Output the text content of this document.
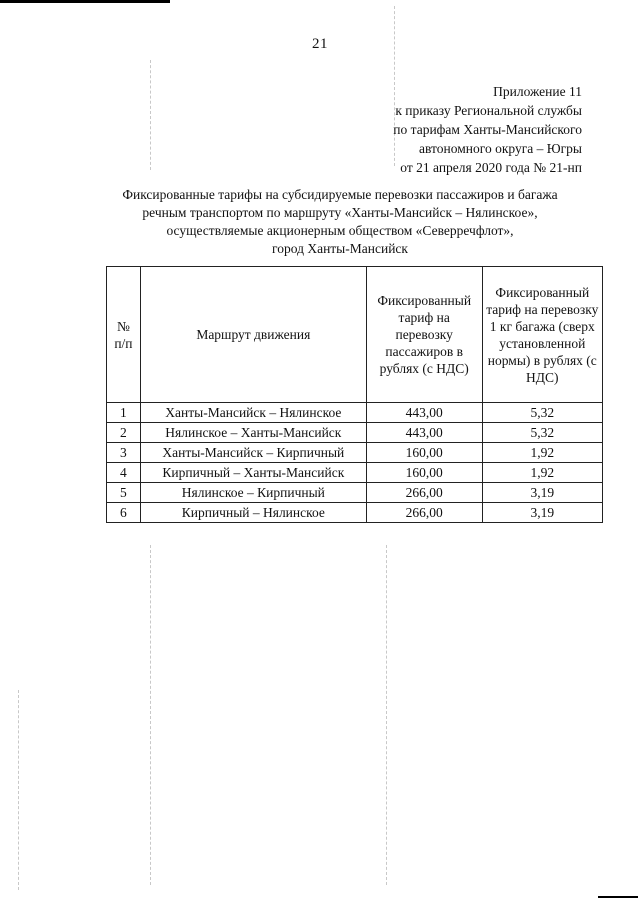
21
Приложение 11
к приказу Региональной службы
по тарифам Ханты-Мансийского
автономного округа – Югры
от 21 апреля 2020 года № 21-нп
Фиксированные тарифы на субсидируемые перевозки пассажиров и багажа
речным транспортом по маршруту «Ханты-Мансийск – Нялинское»,
осуществляемые акционерным обществом «Северречфлот»,
город Ханты-Мансийск
№ п/п	Маршрут движения	Фиксированный тариф на перевозку пассажиров в рублях (с НДС)	Фиксированный тариф на перевозку 1 кг багажа (сверх установленной нормы) в рублях (с НДС)
1	Ханты-Мансийск – Нялинское	443,00	5,32
2	Нялинское – Ханты-Мансийск	443,00	5,32
3	Ханты-Мансийск – Кирпичный	160,00	1,92
4	Кирпичный – Ханты-Мансийск	160,00	1,92
5	Нялинское – Кирпичный	266,00	3,19
6	Кирпичный – Нялинское	266,00	3,19
